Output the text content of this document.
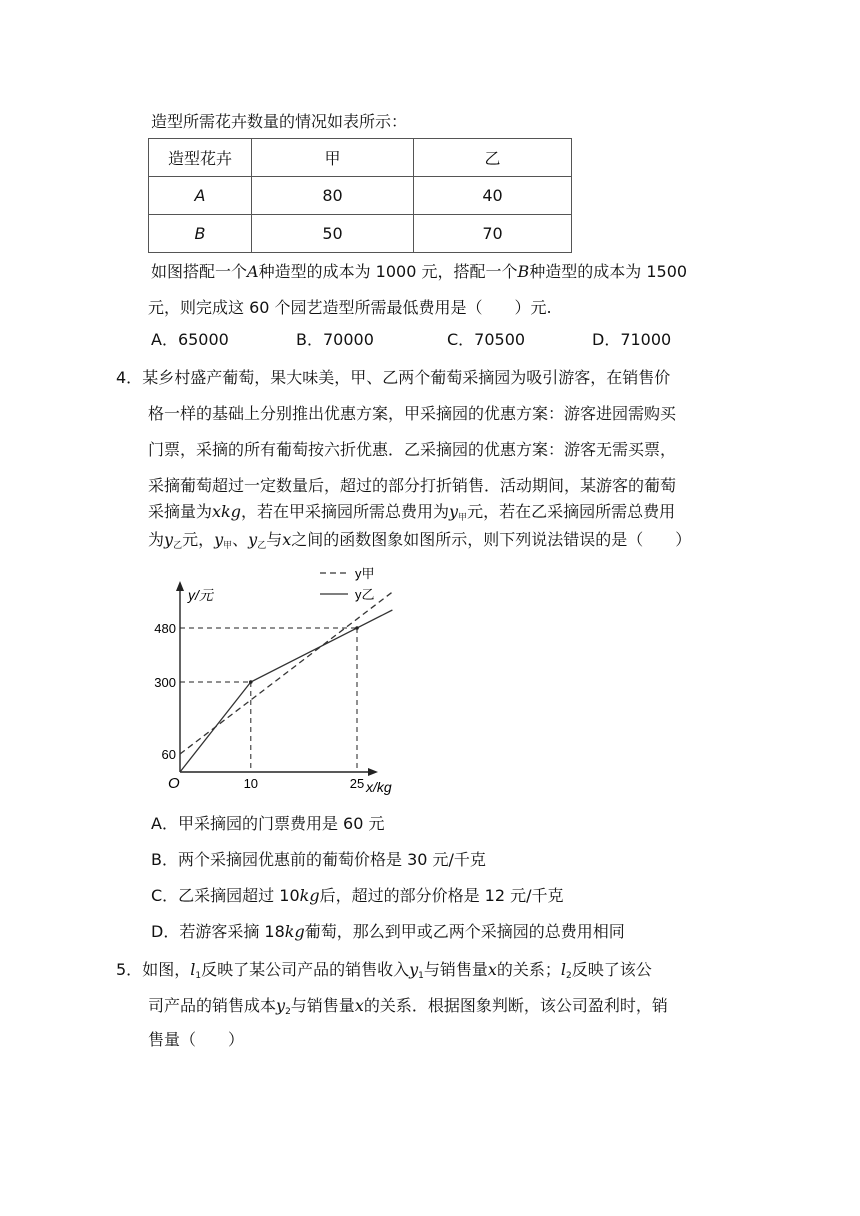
造型所需花卉数量的情况如表所示：
造型花卉	甲	乙
A	80	40
B	50	70
如图搭配一个A种造型的成本为 1000 元，搭配一个B种造型的成本为 1500
元，则完成这 60 个园艺造型所需最低费用是（　　）元.
A．65000	B．70000	C．70500	D．71000
4．某乡村盛产葡萄，果大味美，甲、乙两个葡萄采摘园为吸引游客，在销售价
格一样的基础上分别推出优惠方案，甲采摘园的优惠方案：游客进园需购买
门票，采摘的所有葡萄按六折优惠．乙采摘园的优惠方案：游客无需买票，
采摘葡萄超过一定数量后，超过的部分打折销售．活动期间，某游客的葡萄
采摘量为xkg，若在甲采摘园所需总费用为$y_甲$元，若在乙采摘园所需总费用
为$y_乙$元，$y_甲$、$y_乙$与x之间的函数图象如图所示，则下列说法错误的是（　　）
y/元
x/kg
O	10	25
60
300
480
y甲
y乙
A．甲采摘园的门票费用是 60 元
B．两个采摘园优惠前的葡萄价格是 30 元/千克
C．乙采摘园超过 10kg后，超过的部分价格是 12 元/千克
D．若游客采摘 18kg葡萄，那么到甲或乙两个采摘园的总费用相同
5．如图，$l_1$反映了某公司产品的销售收入$y_1$与销售量x的关系；$l_2$反映了该公
司产品的销售成本$y_2$与销售量x的关系．根据图象判断，该公司盈利时，销
售量（　　）
